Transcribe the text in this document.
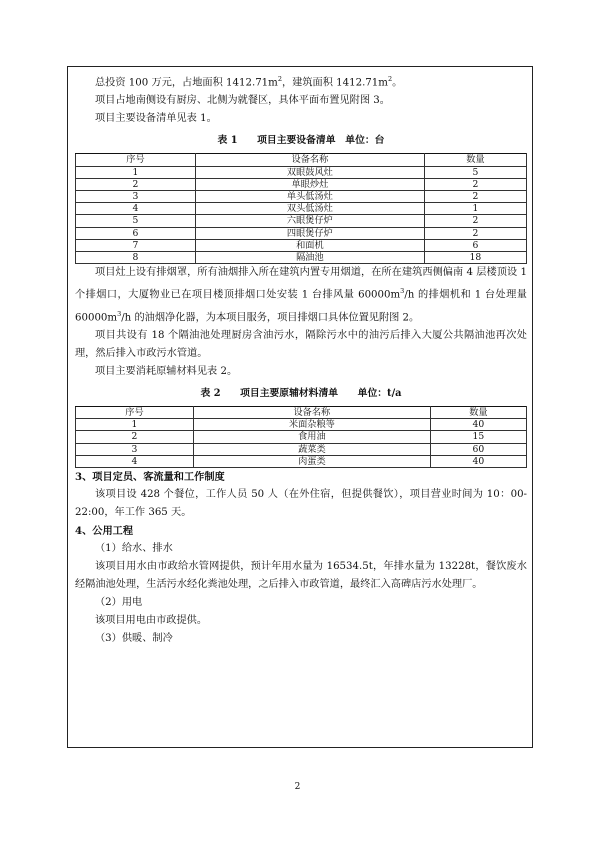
总投资 100 万元，占地面积 $1412.71m^2$，建筑面积 $1412.71m^2$。

项目占地南侧设有厨房、北侧为就餐区，具体平面布置见附图 3。

项目主要设备清单见表 1。

表 1　　项目主要设备清单　单位：台
序号	设备名称	数量
1	双眼鼓风灶	5
2	单眼炒灶	2
3	单头低汤灶	2
4	双头低汤灶	1
5	六眼煲仔炉	2
6	四眼煲仔炉	2
7	和面机	6
8	隔油池	18

项目灶上设有排烟罩，所有油烟排入所在建筑内置专用烟道，在所在建筑西侧偏南 4 层楼顶设 1 个排烟口，大厦物业已在项目楼顶排烟口处安装 1 台排风量 $60000m^3/h$ 的排烟机和 1 台处理量 $60000m^3/h$ 的油烟净化器，为本项目服务，项目排烟口具体位置见附图 2。

项目共设有 18 个隔油池处理厨房含油污水，隔除污水中的油污后排入大厦公共隔油池再次处理，然后排入市政污水管道。

项目主要消耗原辅材料见表 2。

表 2　　项目主要原辅材料清单　　单位：t/a
序号	设备名称	数量
1	米面杂粮等	40
2	食用油	15
3	蔬菜类	60
4	肉蛋类	40

3、项目定员、客流量和工作制度

该项目设 428 个餐位，工作人员 50 人（在外住宿，但提供餐饮），项目营业时间为 10：00-22:00，年工作 365 天。

4、公用工程

（1）给水、排水

该项目用水由市政给水管网提供，预计年用水量为 16534.5t，年排水量为 13228t，餐饮废水经隔油池处理，生活污水经化粪池处理，之后排入市政管道，最终汇入高碑店污水处理厂。

（2）用电

该项目用电由市政提供。

（3）供暖、制冷

2
